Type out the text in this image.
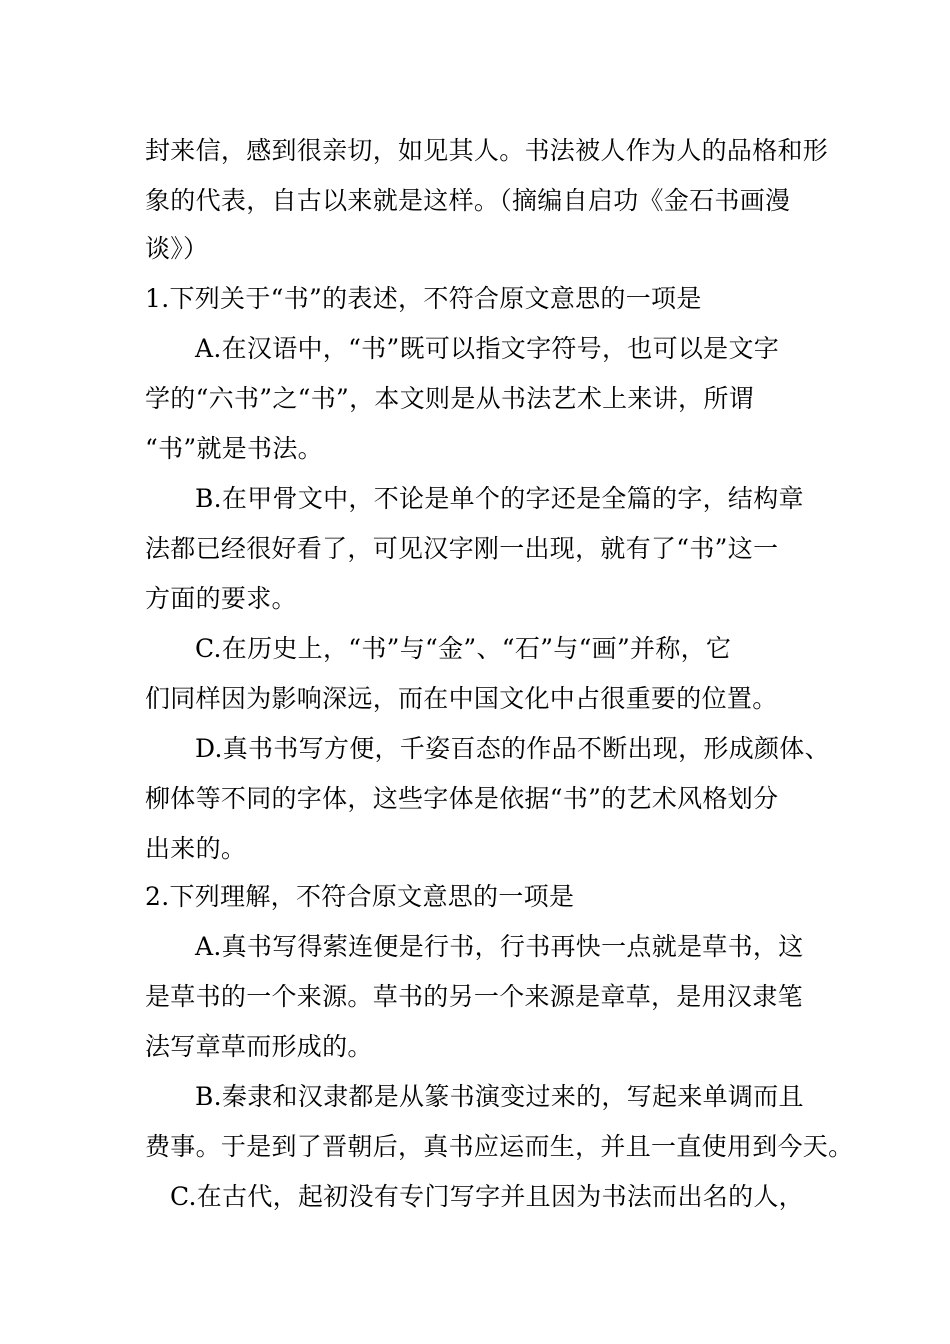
封来信，感到很亲切，如见其人。书法被人作为人的品格和形
象的代表，自古以来就是这样。（摘编自启功《金石书画漫
谈》）
1.下列关于“书”的表述，不符合原文意思的一项是
A.在汉语中，“书”既可以指文字符号，也可以是文字
学的“六书”之“书”，本文则是从书法艺术上来讲，所谓
“书”就是书法。
B.在甲骨文中，不论是单个的字还是全篇的字，结构章
法都已经很好看了，可见汉字刚一出现，就有了“书”这一
方面的要求。
C.在历史上，“书”与“金”、“石”与“画”并称，它
们同样因为影响深远，而在中国文化中占很重要的位置。
D.真书书写方便，千姿百态的作品不断出现，形成颜体、
柳体等不同的字体，这些字体是依据“书”的艺术风格划分
出来的。
2.下列理解，不符合原文意思的一项是
A.真书写得萦连便是行书，行书再快一点就是草书，这
是草书的一个来源。草书的另一个来源是章草，是用汉隶笔
法写章草而形成的。
B.秦隶和汉隶都是从篆书演变过来的，写起来单调而且
费事。于是到了晋朝后，真书应运而生，并且一直使用到今天。
C.在古代，起初没有专门写字并且因为书法而出名的人，
